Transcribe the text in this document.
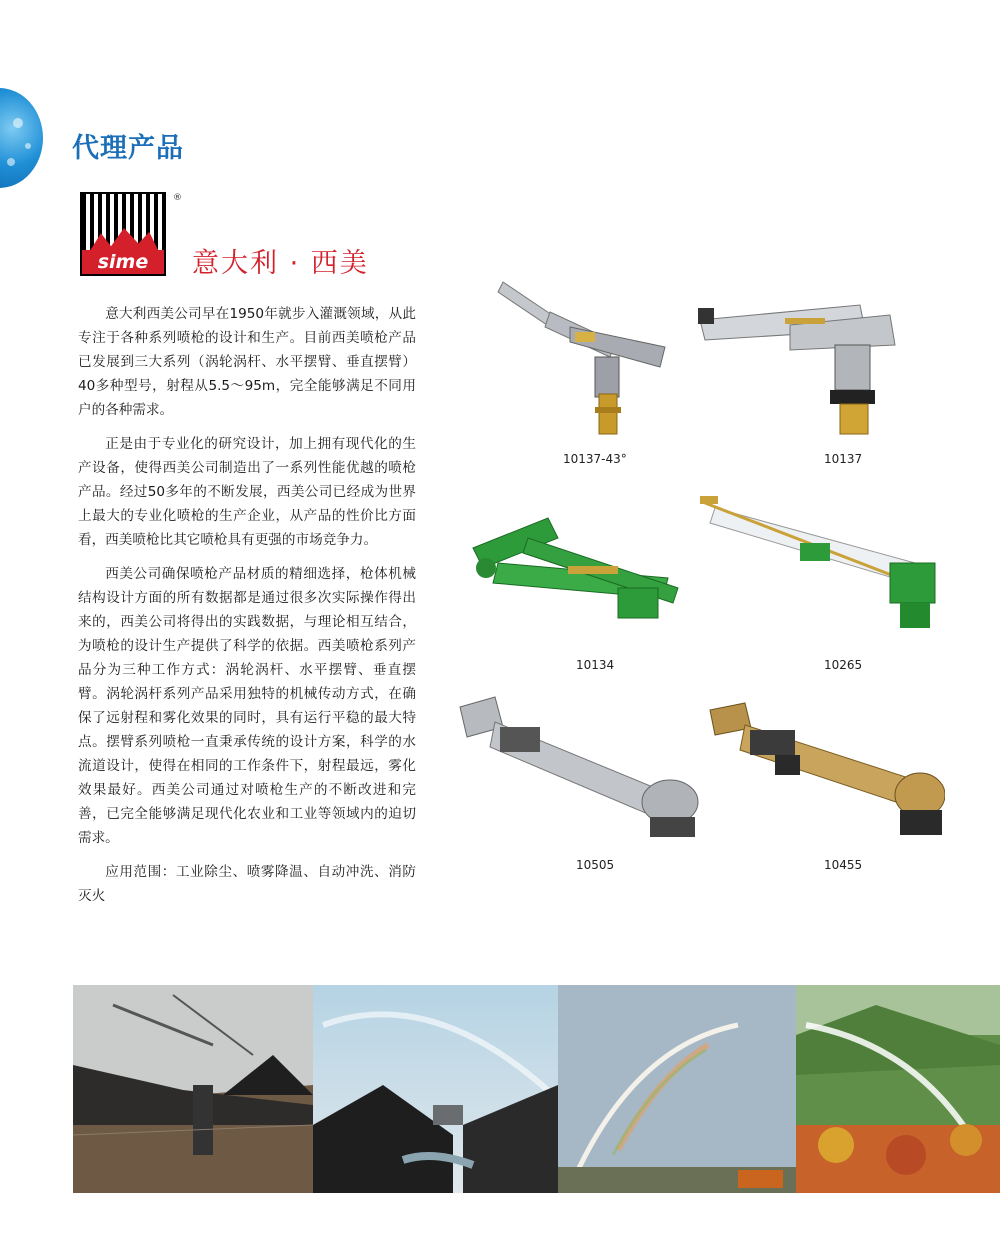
代理产品
sime
®
意大利 · 西美

意大利西美公司早在1950年就步入灌溉领域，从此专注于各种系列喷枪的设计和生产。目前西美喷枪产品已发展到三大系列（涡轮涡杆、水平摆臂、垂直摆臂）40多种型号，射程从5.5～95m，完全能够满足不同用户的各种需求。

正是由于专业化的研究设计，加上拥有现代化的生产设备，使得西美公司制造出了一系列性能优越的喷枪产品。经过50多年的不断发展，西美公司已经成为世界上最大的专业化喷枪的生产企业，从产品的性价比方面看，西美喷枪比其它喷枪具有更强的市场竞争力。

西美公司确保喷枪产品材质的精细选择，枪体机械结构设计方面的所有数据都是通过很多次实际操作得出来的，西美公司将得出的实践数据，与理论相互结合，为喷枪的设计生产提供了科学的依据。西美喷枪系列产品分为三种工作方式：涡轮涡杆、水平摆臂、垂直摆臂。涡轮涡杆系列产品采用独特的机械传动方式，在确保了远射程和雾化效果的同时，具有运行平稳的最大特点。摆臂系列喷枪一直秉承传统的设计方案，科学的水流道设计，使得在相同的工作条件下，射程最远，雾化效果最好。西美公司通过对喷枪生产的不断改进和完善，已完全能够满足现代化农业和工业等领域内的迫切需求。

应用范围：工业除尘、喷雾降温、自动冲洗、消防灭火

10137-43°	10137
10134	10265
10505	10455
